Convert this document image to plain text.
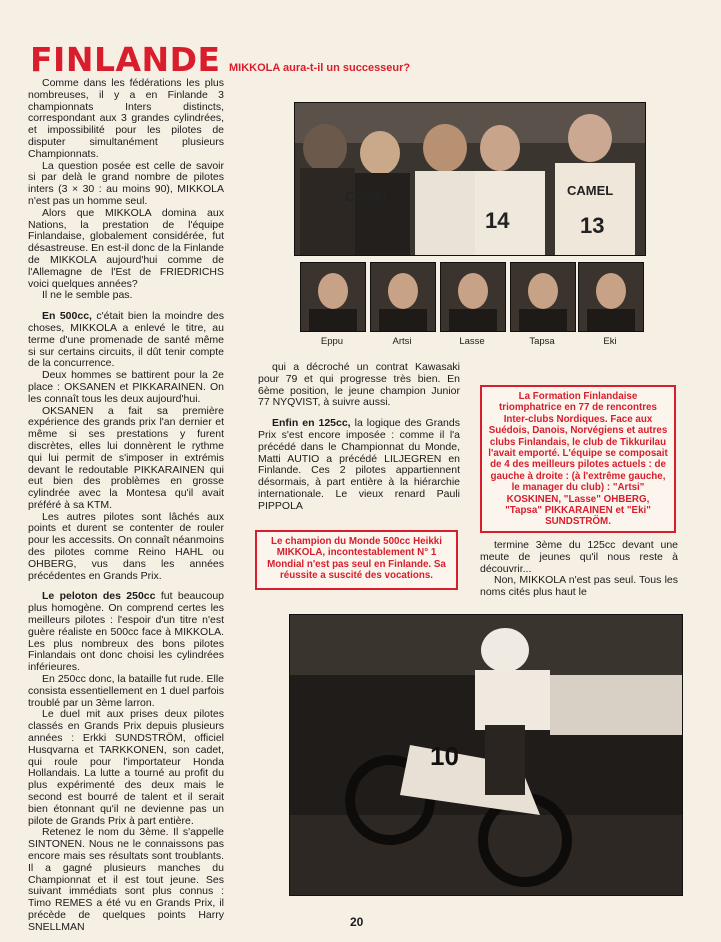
FINLANDE MIKKOLA aura-t-il un successeur?

Comme dans les fédérations les plus nombreuses, il y a en Finlande 3 championnats Inters distincts, correspondant aux 3 grandes cylindrées, et impossibilité pour les pilotes de disputer simultanément plusieurs Championnats.

La question posée est celle de savoir si par delà le grand nombre de pilotes inters (3 × 30 : au moins 90), MIKKOLA n'est pas un homme seul.

Alors que MIKKOLA domina aux Nations, la prestation de l'équipe Finlandaise, globalement considérée, fut désastreuse. En est-il donc de la Finlande de MIKKOLA aujourd'hui comme de l'Allemagne de l'Est de FRIEDRICHS voici quelques années?

Il ne le semble pas.

En 500cc, c'était bien la moindre des choses, MIKKOLA a enlevé le titre, au terme d'une promenade de santé même si sur certains circuits, il dût tenir compte de la concurrence.

Deux hommes se battirent pour la 2e place : OKSANEN et PIKKARAINEN. On les connaît tous les deux aujourd'hui.

OKSANEN a fait sa première expérience des grands prix l'an dernier et même si ses prestations y furent discrètes, elles lui donnèrent le rythme qui lui permit de s'imposer in extrémis devant le redoutable PIKKARAINEN qui eut bien des problèmes en grosse cylindrée avec la Montesa qu'il avait préféré à sa KTM.

Les autres pilotes sont lâchés aux points et durent se contenter de rouler pour les accessits. On connaît néanmoins des pilotes comme Reino HAHL ou OHBERG, vus dans les années précédentes en Grands Prix.

Le peloton des 250cc fut beaucoup plus homogène. On comprend certes les meilleurs pilotes : l'espoir d'un titre n'est guère réaliste en 500cc face à MIKKOLA. Les plus nombreux des bons pilotes Finlandais ont donc choisi les cylindrées inférieures.

En 250cc donc, la bataille fut rude. Elle consista essentiellement en 1 duel parfois troublé par un 3ème larron.

Le duel mit aux prises deux pilotes classés en Grands Prix depuis plusieurs années : Erkki SUNDSTRÖM, officiel Husqvarna et TARKKONEN, son cadet, qui roule pour l'importateur Honda Hollandais. La lutte a tourné au profit du plus expérimenté des deux mais le second est bourré de talent et il serait bien étonnant qu'il ne devienne pas un pilote de Grands Prix à part entière.

Retenez le nom du 3ème. Il s'appelle SINTONEN. Nous ne le connaissons pas encore mais ses résultats sont troublants. Il a gagné plusieurs manches du Championnat et il est tout jeune. Ses suivant immédiats sont plus connus : Timo REMES a été vu en Grands Prix, il précède de quelques points Harry SNELLMAN

CAMEL	CAMEL
14	13
Eppu	Artsi	Lasse	Tapsa	Eki

qui a décroché un contrat Kawasaki pour 79 et qui progresse très bien. En 6ème position, le jeune champion Junior 77 NYQVIST, à suivre aussi.

Enfin en 125cc, la logique des Grands Prix s'est encore imposée : comme il l'a précédé dans le Championnat du Monde, Matti AUTIO a précédé LILJEGREN en Finlande. Ces 2 pilotes appartiennent désormais, à part entière à la hiérarchie internationale. Le vieux renard Pauli PIPPOLA

Le champion du Monde 500cc Heikki MIKKOLA, incontestablement N° 1 Mondial n'est pas seul en Finlande. Sa réussite a suscité des vocations.
La Formation Finlandaise triomphatrice en 77 de rencontres Inter-clubs Nordiques. Face aux Suédois, Danois, Norvégiens et autres clubs Finlandais, le club de Tikkurilau l'avait emporté. L'équipe se composait de 4 des meilleurs pilotes actuels : de gauche à droite : (à l'extrême gauche, le manager du club) : "Artsi" KOSKINEN, "Lasse" OHBERG, "Tapsa" PIKKARAINEN et "Eki" SUNDSTRÖM.

termine 3ème du 125cc devant une meute de jeunes qu'il nous reste à découvrir...

Non, MIKKOLA n'est pas seul. Tous les noms cités plus haut le

10
20
